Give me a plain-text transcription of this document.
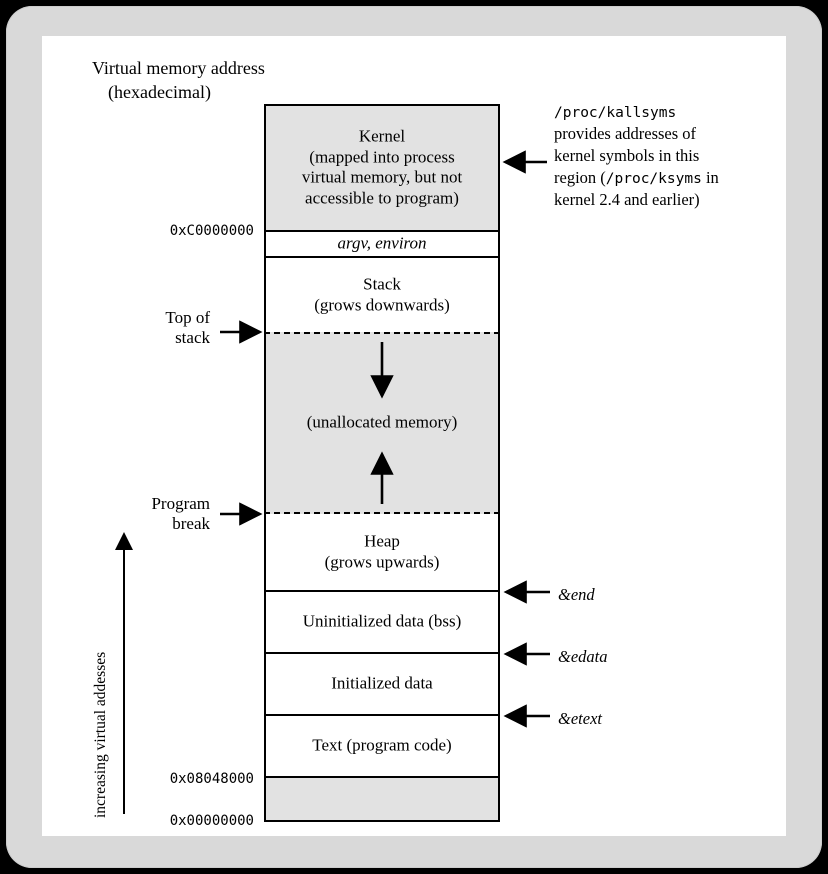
Virtual memory address
(hexadecimal)
Kernel
(mapped into process
virtual memory, but not
accessible to program)
argv, environ
Stack
(grows downwards)
(unallocated memory)
Heap
(grows upwards)
Uninitialized data (bss)
Initialized data
Text (program code)
0xC0000000
0x08048000
0x00000000
Top of
stack
Program
break
increasing virtual addesses
/proc/kallsyms
provides addresses of
kernel symbols in this
region (/proc/ksyms in
kernel 2.4 and earlier)
&end
&edata
&etext
